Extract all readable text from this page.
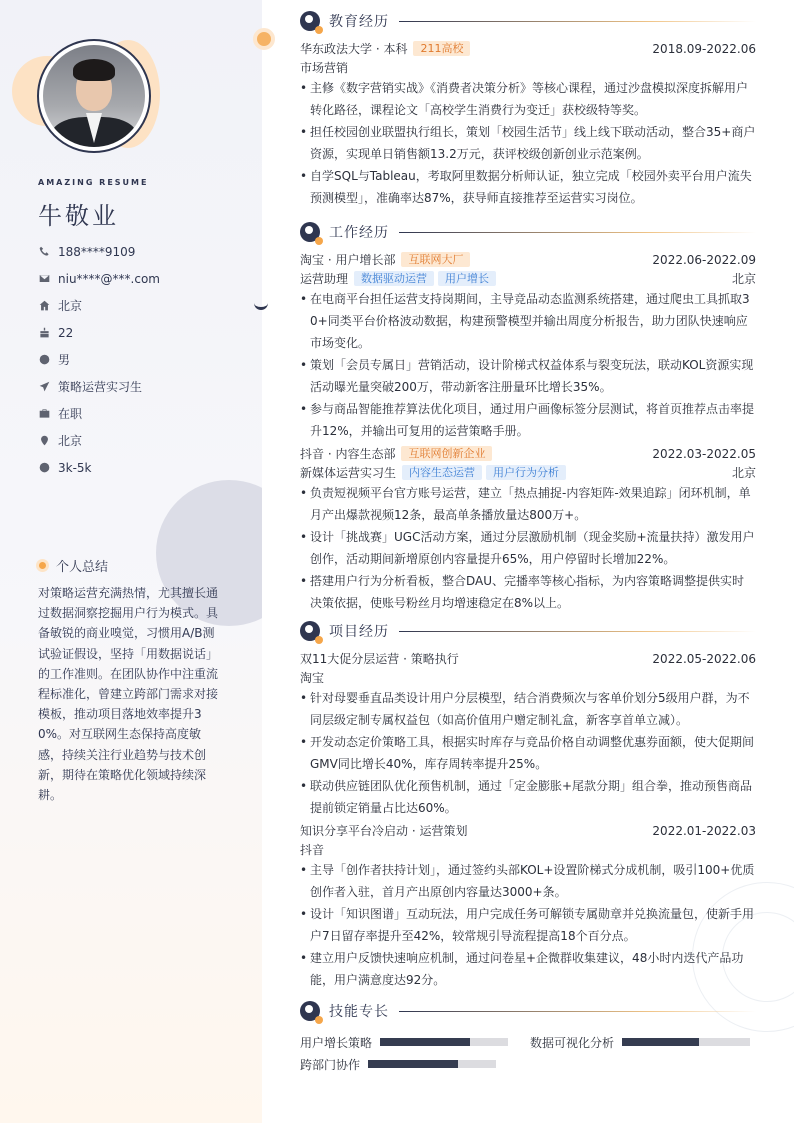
AMAZING RESUME
牛敬业
188****9109
niu****@***.com
北京
22
男
策略运营实习生
在职
北京
3k-5k
个人总结
对策略运营充满热情，尤其擅长通过数据洞察挖掘用户行为模式。具备敏锐的商业嗅觉，习惯用A/B测试验证假设，坚持「用数据说话」的工作准则。在团队协作中注重流程标准化，曾建立跨部门需求对接模板，推动项目落地效率提升30%。对互联网生态保持高度敏感，持续关注行业趋势与技术创新，期待在策略优化领域持续深耕。
教育经历
华东政法大学 · 本科	211高校	2018.09-2022.06
市场营销
• 主修《数字营销实战》《消费者决策分析》等核心课程，通过沙盘模拟深度拆解用户转化路径，课程论文「高校学生消费行为变迁」获校级特等奖。
• 担任校园创业联盟执行组长，策划「校园生活节」线上线下联动活动，整合35+商户资源，实现单日销售额13.2万元，获评校级创新创业示范案例。
• 自学SQL与Tableau，考取阿里数据分析师认证，独立完成「校园外卖平台用户流失预测模型」，准确率达87%，获导师直接推荐至运营实习岗位。
工作经历
淘宝 · 用户增长部	互联网大厂	2022.06-2022.09
运营助理	数据驱动运营	用户增长	北京
• 在电商平台担任运营支持岗期间，主导竞品动态监测系统搭建，通过爬虫工具抓取30+同类平台价格波动数据，构建预警模型并输出周度分析报告，助力团队快速响应市场变化。
• 策划「会员专属日」营销活动，设计阶梯式权益体系与裂变玩法，联动KOL资源实现活动曝光量突破200万，带动新客注册量环比增长35%。
• 参与商品智能推荐算法优化项目，通过用户画像标签分层测试，将首页推荐点击率提升12%，并输出可复用的运营策略手册。
抖音 · 内容生态部	互联网创新企业	2022.03-2022.05
新媒体运营实习生	内容生态运营	用户行为分析	北京
• 负责短视频平台官方账号运营，建立「热点捕捉-内容矩阵-效果追踪」闭环机制，单月产出爆款视频12条，最高单条播放量达800万+。
• 设计「挑战赛」UGC活动方案，通过分层激励机制（现金奖励+流量扶持）激发用户创作，活动期间新增原创内容量提升65%，用户停留时长增加22%。
• 搭建用户行为分析看板，整合DAU、完播率等核心指标，为内容策略调整提供实时决策依据，使账号粉丝月均增速稳定在8%以上。
项目经历
双11大促分层运营 · 策略执行	2022.05-2022.06
淘宝
• 针对母婴垂直品类设计用户分层模型，结合消费频次与客单价划分5级用户群，为不同层级定制专属权益包（如高价值用户赠定制礼盒，新客享首单立减）。
• 开发动态定价策略工具，根据实时库存与竞品价格自动调整优惠券面额，使大促期间GMV同比增长40%，库存周转率提升25%。
• 联动供应链团队优化预售机制，通过「定金膨胀+尾款分期」组合拳，推动预售商品提前锁定销量占比达60%。
知识分享平台冷启动 · 运营策划	2022.01-2022.03
抖音
• 主导「创作者扶持计划」，通过签约头部KOL+设置阶梯式分成机制，吸引100+优质创作者入驻，首月产出原创内容量达3000+条。
• 设计「知识图谱」互动玩法，用户完成任务可解锁专属勋章并兑换流量包，使新手用户7日留存率提升至42%，较常规引导流程提高18个百分点。
• 建立用户反馈快速响应机制，通过问卷星+企微群收集建议，48小时内迭代产品功能，用户满意度达92分。
技能专长
用户增长策略	数据可视化分析
跨部门协作
